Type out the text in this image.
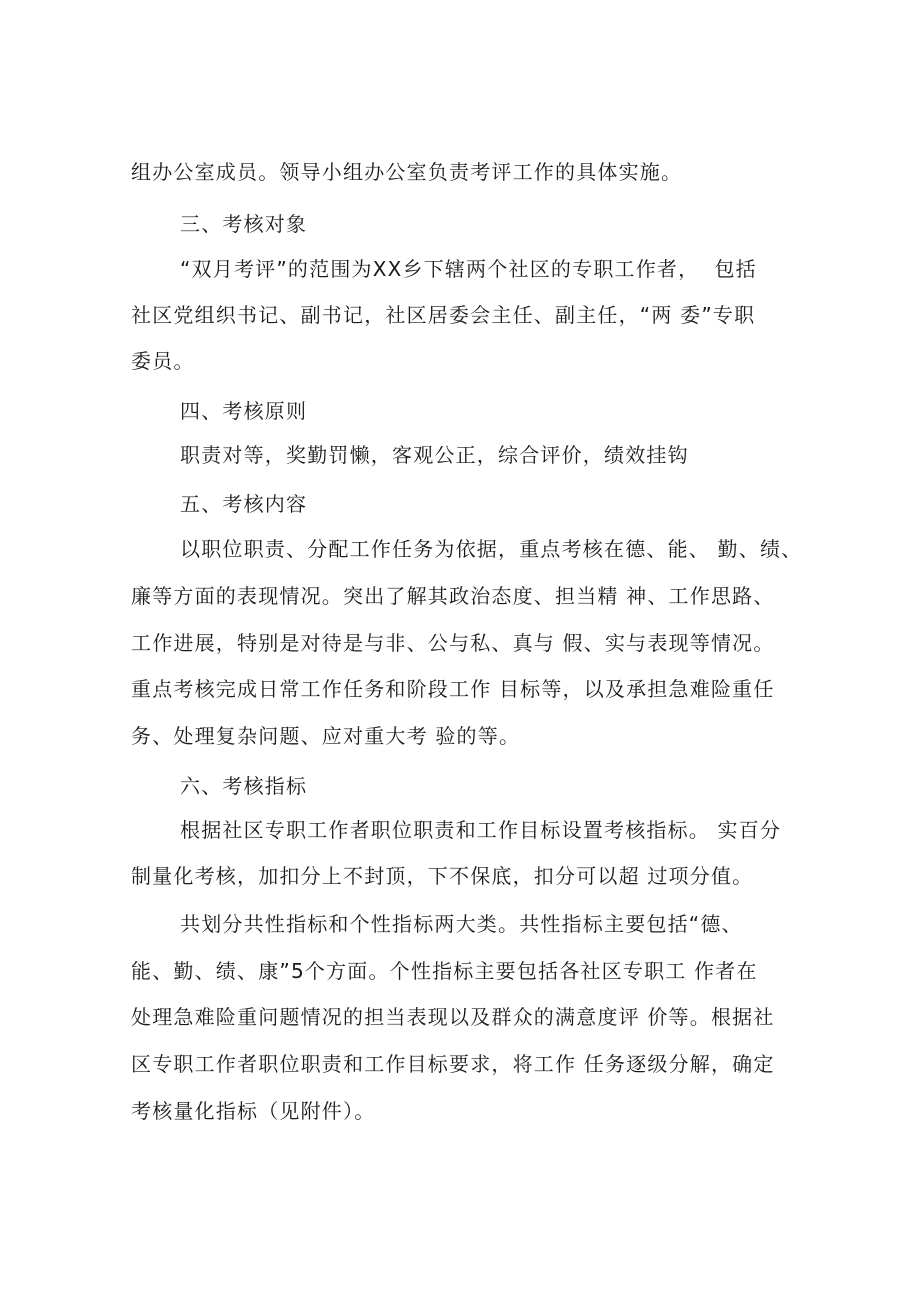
组办公室成员。领导小组办公室负责考评工作的具体实施。
三、考核对象
“双月考评”的范围为XX乡下辖两个社区的专职工作者，  包括
社区党组织书记、副书记，社区居委会主任、副主任，“两 委”专职
委员。
四、考核原则
职责对等，奖勤罚懒，客观公正，综合评价，绩效挂钩
五、考核内容
以职位职责、分配工作任务为依据，重点考核在德、能、 勤、绩、
廉等方面的表现情况。突出了解其政治态度、担当精 神、工作思路、
工作进展，特别是对待是与非、公与私、真与 假、实与表现等情况。
重点考核完成日常工作任务和阶段工作 目标等，以及承担急难险重任
务、处理复杂问题、应对重大考 验的等。
六、考核指标
根据社区专职工作者职位职责和工作目标设置考核指标。 实百分
制量化考核，加扣分上不封顶，下不保底，扣分可以超 过项分值。
共划分共性指标和个性指标两大类。共性指标主要包括“德、
能、勤、绩、康”5个方面。个性指标主要包括各社区专职工 作者在
处理急难险重问题情况的担当表现以及群众的满意度评 价等。根据社
区专职工作者职位职责和工作目标要求，将工作 任务逐级分解，确定
考核量化指标（见附件）。
